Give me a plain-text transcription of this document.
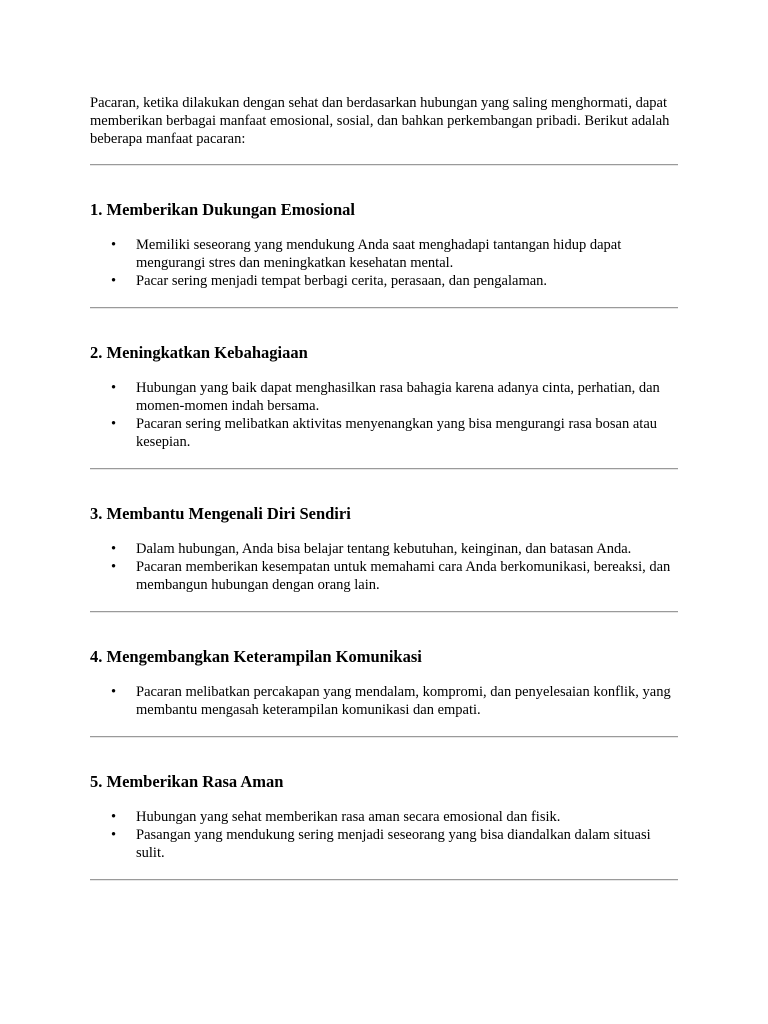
Pacaran, ketika dilakukan dengan sehat dan berdasarkan hubungan yang saling menghormati, dapat memberikan berbagai manfaat emosional, sosial, dan bahkan perkembangan pribadi. Berikut adalah beberapa manfaat pacaran:

1. Memberikan Dukungan Emosional
• Memiliki seseorang yang mendukung Anda saat menghadapi tantangan hidup dapat mengurangi stres dan meningkatkan kesehatan mental.
• Pacar sering menjadi tempat berbagi cerita, perasaan, dan pengalaman.
2. Meningkatkan Kebahagiaan
• Hubungan yang baik dapat menghasilkan rasa bahagia karena adanya cinta, perhatian, dan momen-momen indah bersama.
• Pacaran sering melibatkan aktivitas menyenangkan yang bisa mengurangi rasa bosan atau kesepian.
3. Membantu Mengenali Diri Sendiri
• Dalam hubungan, Anda bisa belajar tentang kebutuhan, keinginan, dan batasan Anda.
• Pacaran memberikan kesempatan untuk memahami cara Anda berkomunikasi, bereaksi, dan membangun hubungan dengan orang lain.
4. Mengembangkan Keterampilan Komunikasi
• Pacaran melibatkan percakapan yang mendalam, kompromi, dan penyelesaian konflik, yang membantu mengasah keterampilan komunikasi dan empati.
5. Memberikan Rasa Aman
• Hubungan yang sehat memberikan rasa aman secara emosional dan fisik.
• Pasangan yang mendukung sering menjadi seseorang yang bisa diandalkan dalam situasi sulit.
